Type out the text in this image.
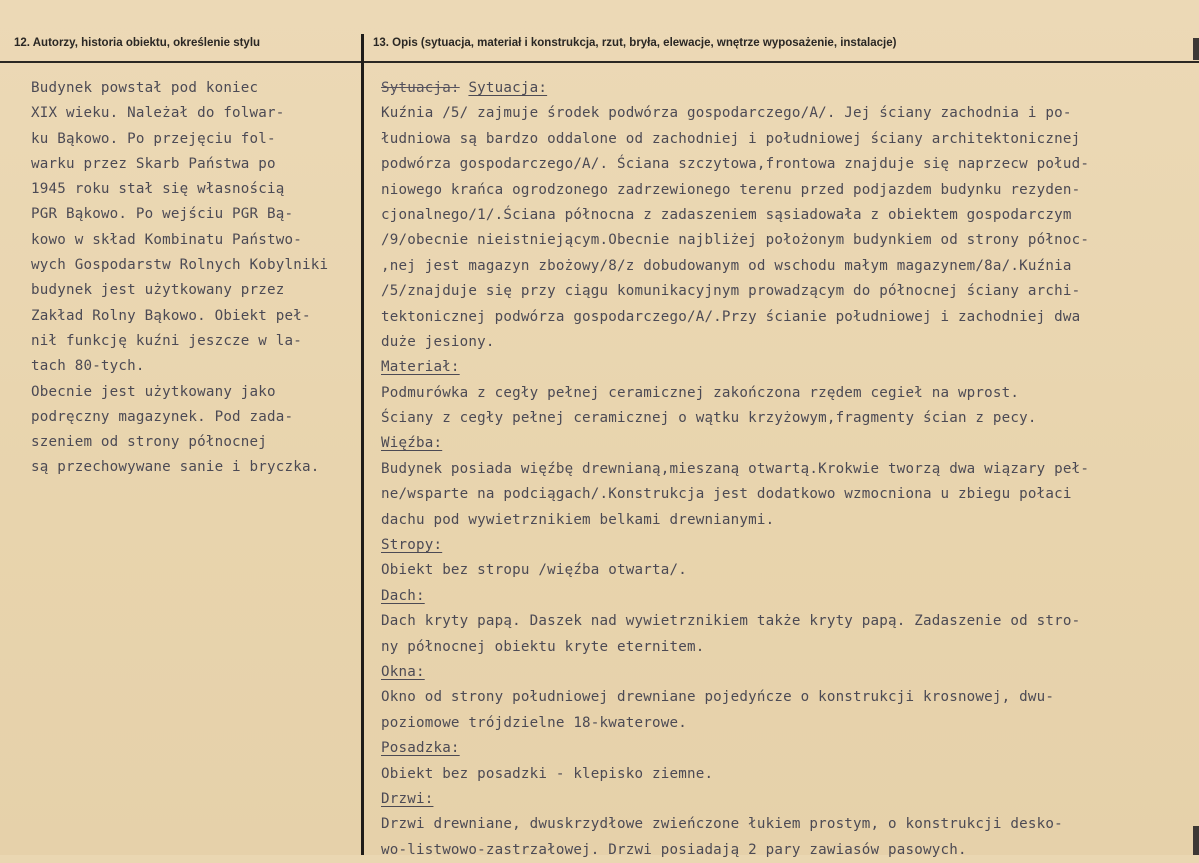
12. Autorzy, historia obiektu, określenie stylu	13. Opis (sytuacja, materiał i konstrukcja, rzut, bryła, elewacje, wnętrze wyposażenie, instalacje)
Budynek powstał pod koniec
XIX wieku. Należał do folwar-
ku Bąkowo. Po przejęciu fol-
warku przez Skarb Państwa po
1945 roku stał się własnością
PGR Bąkowo. Po wejściu PGR Bą-
kowo w skład Kombinatu Państwo-
wych Gospodarstw Rolnych Kobylniki
budynek jest użytkowany przez
Zakład Rolny Bąkowo. Obiekt peł-
nił funkcję kuźni jeszcze w la-
tach 80-tych.
Obecnie jest użytkowany jako
podręczny magazynek. Pod zada-
szeniem od strony północnej
są przechowywane sanie i bryczka.
Sytuacja: Sytuacja:
Kuźnia /5/ zajmuje środek podwórza gospodarczego/A/. Jej ściany zachodnia i po-
łudniowa są bardzo oddalone od zachodniej i południowej ściany architektonicznej
podwórza gospodarczego/A/. Ściana szczytowa,frontowa znajduje się naprzecw połud-
niowego krańca ogrodzonego zadrzewionego terenu przed podjazdem budynku rezyden-
cjonalnego/1/.Ściana północna z zadaszeniem sąsiadowała z obiektem gospodarczym
/9/obecnie nieistniejącym.Obecnie najbliżej położonym budynkiem od strony północ-
,nej jest magazyn zbożowy/8/z dobudowanym od wschodu małym magazynem/8a/.Kuźnia
/5/znajduje się przy ciągu komunikacyjnym prowadzącym do północnej ściany archi-
tektonicznej podwórza gospodarczego/A/.Przy ścianie południowej i zachodniej dwa
duże jesiony.
Materiał:
Podmurówka z cegły pełnej ceramicznej zakończona rzędem cegieł na wprost.
Ściany z cegły pełnej ceramicznej o wątku krzyżowym,fragmenty ścian z pecy.
Więźba:
Budynek posiada więźbę drewnianą,mieszaną otwartą.Krokwie tworzą dwa wiązary peł-
ne/wsparte na podciągach/.Konstrukcja jest dodatkowo wzmocniona u zbiegu połaci
dachu pod wywietrznikiem belkami drewnianymi.
Stropy:
Obiekt bez stropu /więźba otwarta/.
Dach:
Dach kryty papą. Daszek nad wywietrznikiem także kryty papą. Zadaszenie od stro-
ny północnej obiektu kryte eternitem.
Okna:
Okno od strony południowej drewniane pojedyńcze o konstrukcji krosnowej, dwu-
poziomowe trójdzielne 18-kwaterowe.
Posadzka:
Obiekt bez posadzki - klepisko ziemne.
Drzwi:
Drzwi drewniane, dwuskrzydłowe zwieńczone łukiem prostym, o konstrukcji desko-
wo-listwowo-zastrzałowej. Drzwi posiadają 2 pary zawiasów pasowych.
